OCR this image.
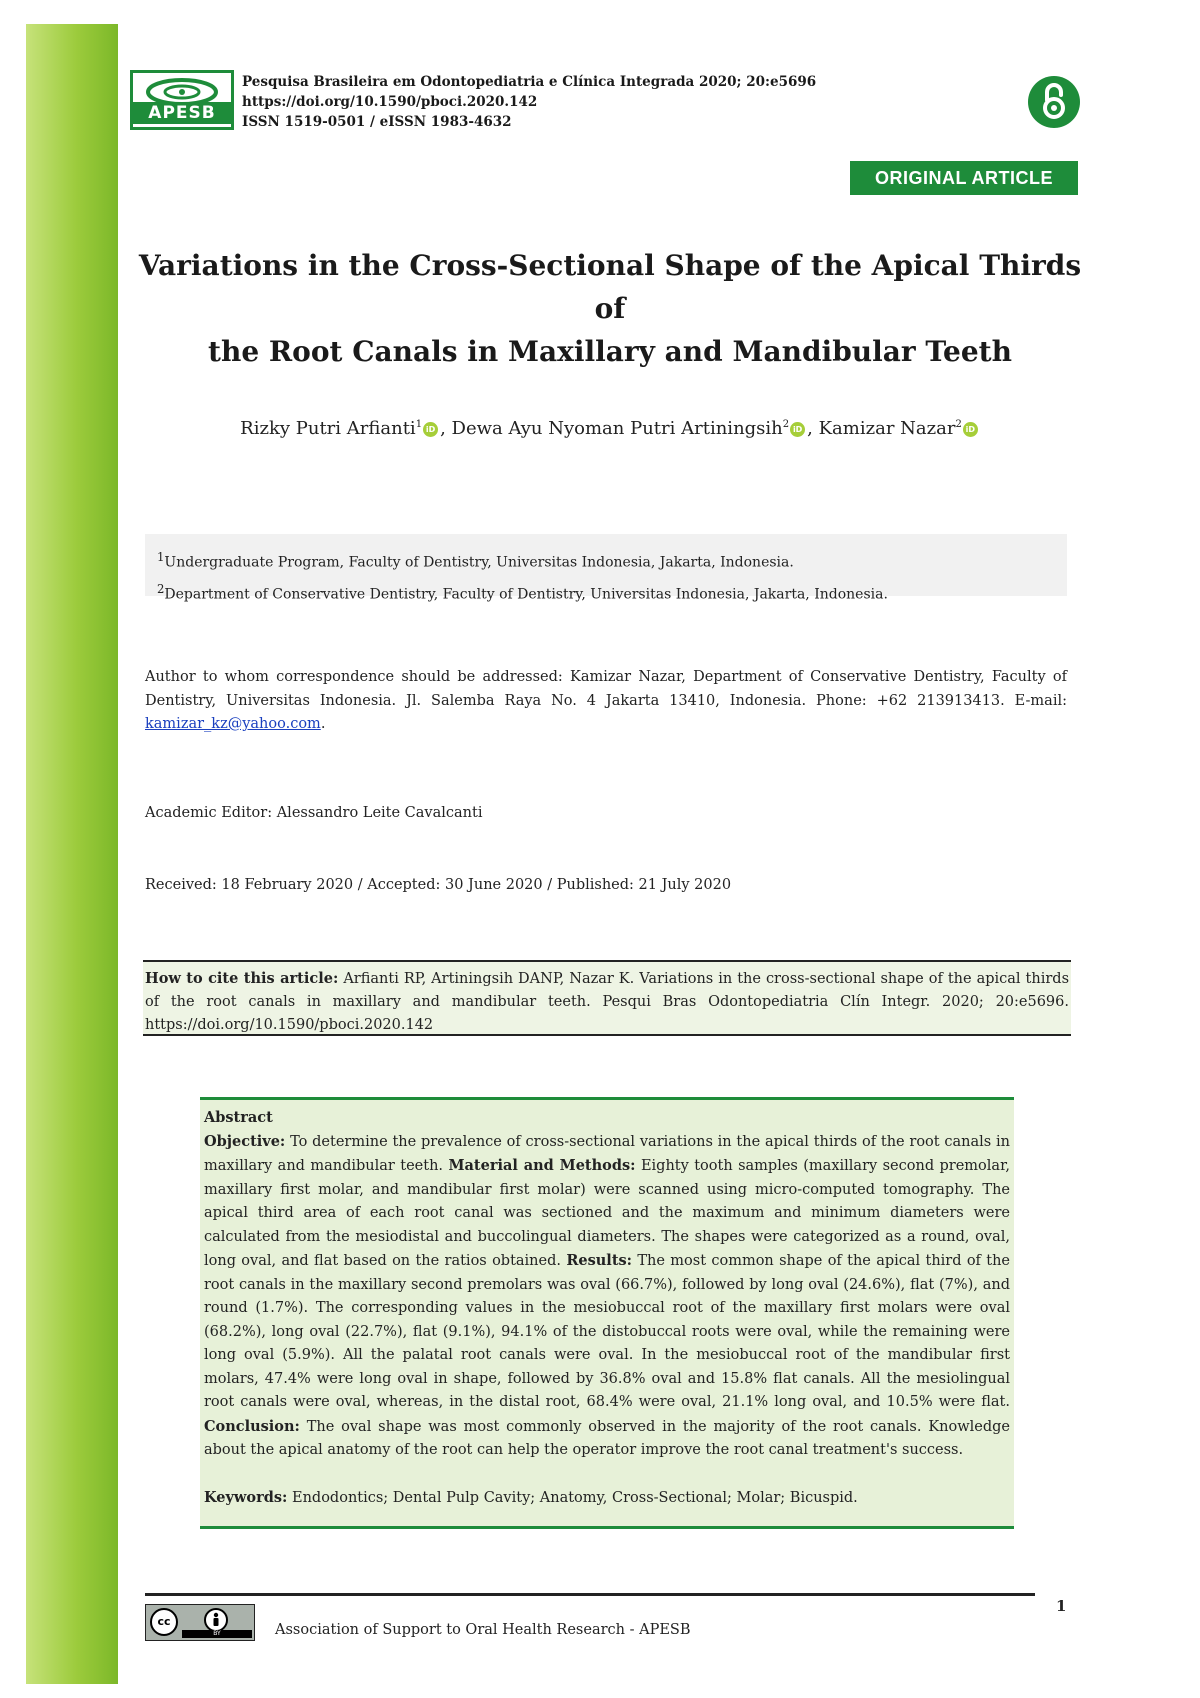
APESB
Pesquisa Brasileira em Odontopediatria e Clínica Integrada 2020; 20:e5696
https://doi.org/10.1590/pboci.2020.142
ISSN 1519-0501 / eISSN 1983-4632
ORIGINAL ARTICLE
Variations in the Cross-Sectional Shape of the Apical Thirds of
the Root Canals in Maxillary and Mandibular Teeth
Rizky Putri Arfianti$^1$ iD , Dewa Ayu Nyoman Putri Artiningsih$^2$ iD , Kamizar Nazar$^2$ iD
$^1$Undergraduate Program, Faculty of Dentistry, Universitas Indonesia, Jakarta, Indonesia.
$^2$Department of Conservative Dentistry, Faculty of Dentistry, Universitas Indonesia, Jakarta, Indonesia.
Author to whom correspondence should be addressed: Kamizar Nazar, Department of Conservative Dentistry, Faculty of Dentistry, Universitas Indonesia. Jl. Salemba Raya No. 4 Jakarta 13410, Indonesia. Phone: +62 213913413. E-mail: kamizar_kz@yahoo.com.
Academic Editor: Alessandro Leite Cavalcanti
Received: 18 February 2020 / Accepted: 30 June 2020 / Published: 21 July 2020
How to cite this article: Arfianti RP, Artiningsih DANP, Nazar K. Variations in the cross-sectional shape of the apical thirds of the root canals in maxillary and mandibular teeth. Pesqui Bras Odontopediatria Clín Integr. 2020; 20:e5696. https://doi.org/10.1590/pboci.2020.142
Abstract
Objective: To determine the prevalence of cross-sectional variations in the apical thirds of the root canals in maxillary and mandibular teeth. Material and Methods: Eighty tooth samples (maxillary second premolar, maxillary first molar, and mandibular first molar) were scanned using micro-computed tomography. The apical third area of each root canal was sectioned and the maximum and minimum diameters were calculated from the mesiodistal and buccolingual diameters. The shapes were categorized as a round, oval, long oval, and flat based on the ratios obtained. Results: The most common shape of the apical third of the root canals in the maxillary second premolars was oval (66.7%), followed by long oval (24.6%), flat (7%), and round (1.7%). The corresponding values in the mesiobuccal root of the maxillary first molars were oval (68.2%), long oval (22.7%), flat (9.1%), 94.1% of the distobuccal roots were oval, while the remaining were long oval (5.9%). All the palatal root canals were oval. In the mesiobuccal root of the mandibular first molars, 47.4% were long oval in shape, followed by 36.8% oval and 15.8% flat canals. All the mesiolingual root canals were oval, whereas, in the distal root, 68.4% were oval, 21.1% long oval, and 10.5% were flat. Conclusion: The oval shape was most commonly observed in the majority of the root canals. Knowledge about the apical anatomy of the root can help the operator improve the root canal treatment's success.
Keywords: Endodontics; Dental Pulp Cavity; Anatomy, Cross-Sectional; Molar; Bicuspid.
1
cc
BY	Association of Support to Oral Health Research - APESB
